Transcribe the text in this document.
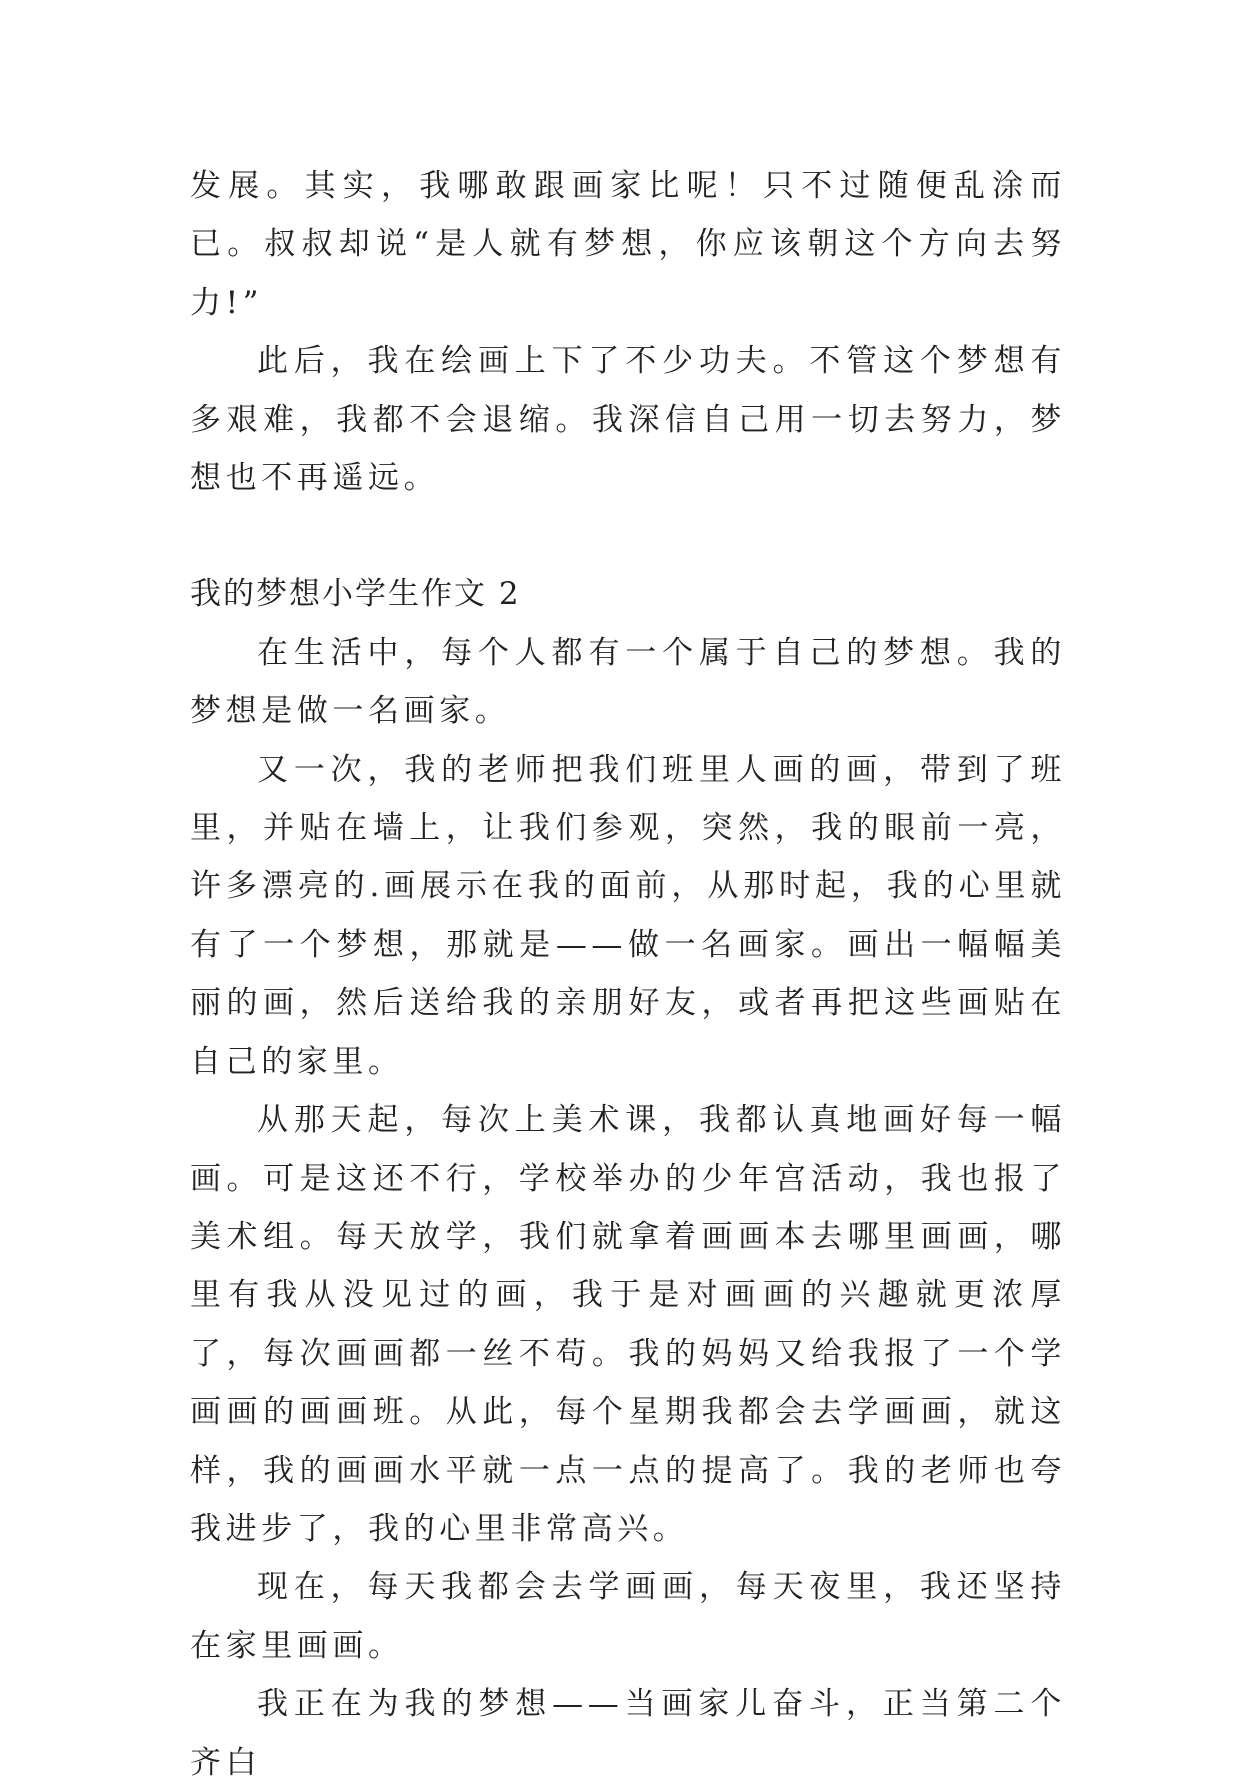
发展。其实，我哪敢跟画家比呢！只不过随便乱涂而已。叔叔却说“是人就有梦想，你应该朝这个方向去努力!”

此后，我在绘画上下了不少功夫。不管这个梦想有多艰难，我都不会退缩。我深信自己用一切去努力，梦想也不再遥远。

我的梦想小学生作文 2

在生活中，每个人都有一个属于自己的梦想。我的梦想是做一名画家。

又一次，我的老师把我们班里人画的画，带到了班里，并贴在墙上，让我们参观，突然，我的眼前一亮，许多漂亮的.画展示在我的面前，从那时起，我的心里就有了一个梦想，那就是——做一名画家。画出一幅幅美丽的画，然后送给我的亲朋好友，或者再把这些画贴在自己的家里。

从那天起，每次上美术课，我都认真地画好每一幅画。可是这还不行，学校举办的少年宫活动，我也报了美术组。每天放学，我们就拿着画画本去哪里画画，哪里有我从没见过的画，我于是对画画的兴趣就更浓厚了，每次画画都一丝不苟。我的妈妈又给我报了一个学画画的画画班。从此，每个星期我都会去学画画，就这样，我的画画水平就一点一点的提高了。我的老师也夸我进步了，我的心里非常高兴。

现在，每天我都会去学画画，每天夜里，我还坚持在家里画画。

我正在为我的梦想——当画家儿奋斗，正当第二个齐白
